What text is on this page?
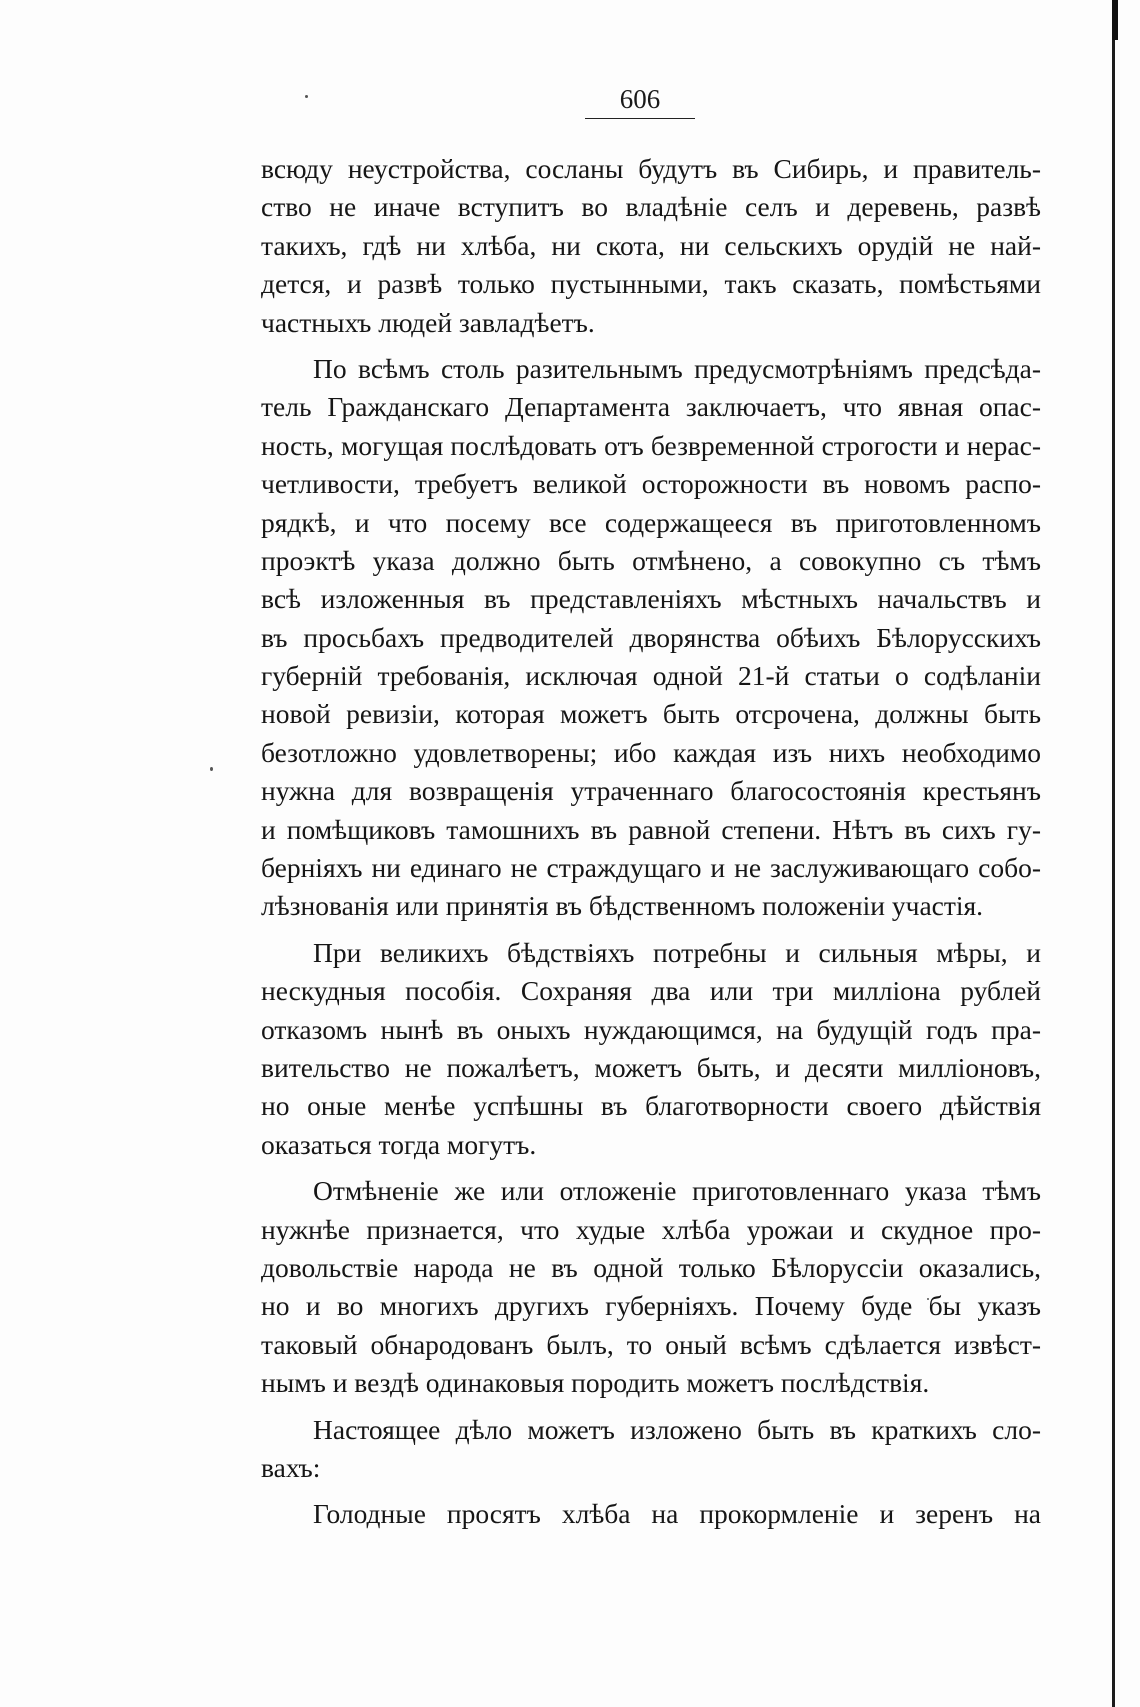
606
всюду неустройства, сосланы будутъ въ Сибирь, и правитель-
ство не иначе вступитъ во владѣніе селъ и деревень, развѣ
такихъ, гдѣ ни хлѣба, ни скота, ни сельскихъ орудій не най-
дется, и развѣ только пустынными, такъ сказать, помѣстьями
частныхъ людей завладѣетъ.
По всѣмъ столь разительнымъ предусмотрѣніямъ предсѣда-
тель Гражданскаго Департамента заключаетъ, что явная опас-
ность, могущая послѣдовать отъ безвременной строгости и нерас-
четливости, требуетъ великой осторожности въ новомъ распо-
рядкѣ, и что посему все содержащееся въ приготовленномъ
проэктѣ указа должно быть отмѣнено, а совокупно съ тѣмъ
всѣ изложенныя въ представленіяхъ мѣстныхъ начальствъ и
въ просьбахъ предводителей дворянства обѣихъ Бѣлорусскихъ
губерній требованія, исключая одной 21-й статьи о содѣланіи
новой ревизіи, которая можетъ быть отсрочена, должны быть
безотложно удовлетворены; ибо каждая изъ нихъ необходимо
нужна для возвращенія утраченнаго благосостоянія крестьянъ
и помѣщиковъ тамошнихъ въ равной степени. Нѣтъ въ сихъ гу-
берніяхъ ни единаго не страждущаго и не заслуживающаго собо-
лѣзнованія или принятія въ бѣдственномъ положеніи участія.
При великихъ бѣдствіяхъ потребны и сильныя мѣры, и
нескудныя пособія. Сохраняя два или три милліона рублей
отказомъ нынѣ въ оныхъ нуждающимся, на будущій годъ пра-
вительство не пожалѣетъ, можетъ быть, и десяти милліоновъ,
но оные менѣе успѣшны въ благотворности своего дѣйствія
оказаться тогда могутъ.
Отмѣненіе же или отложеніе приготовленнаго указа тѣмъ
нужнѣе признается, что худые хлѣба урожаи и скудное про-
довольствіе народа не въ одной только Бѣлоруссіи оказались,
но и во многихъ другихъ губерніяхъ. Почему буде бы указъ
таковый обнародованъ былъ, то оный всѣмъ сдѣлается извѣст-
нымъ и вездѣ одинаковыя породить можетъ послѣдствія.
Настоящее дѣло можетъ изложено быть въ краткихъ сло-
вахъ:
Голодные просятъ хлѣба на прокормленіе и зеренъ на
